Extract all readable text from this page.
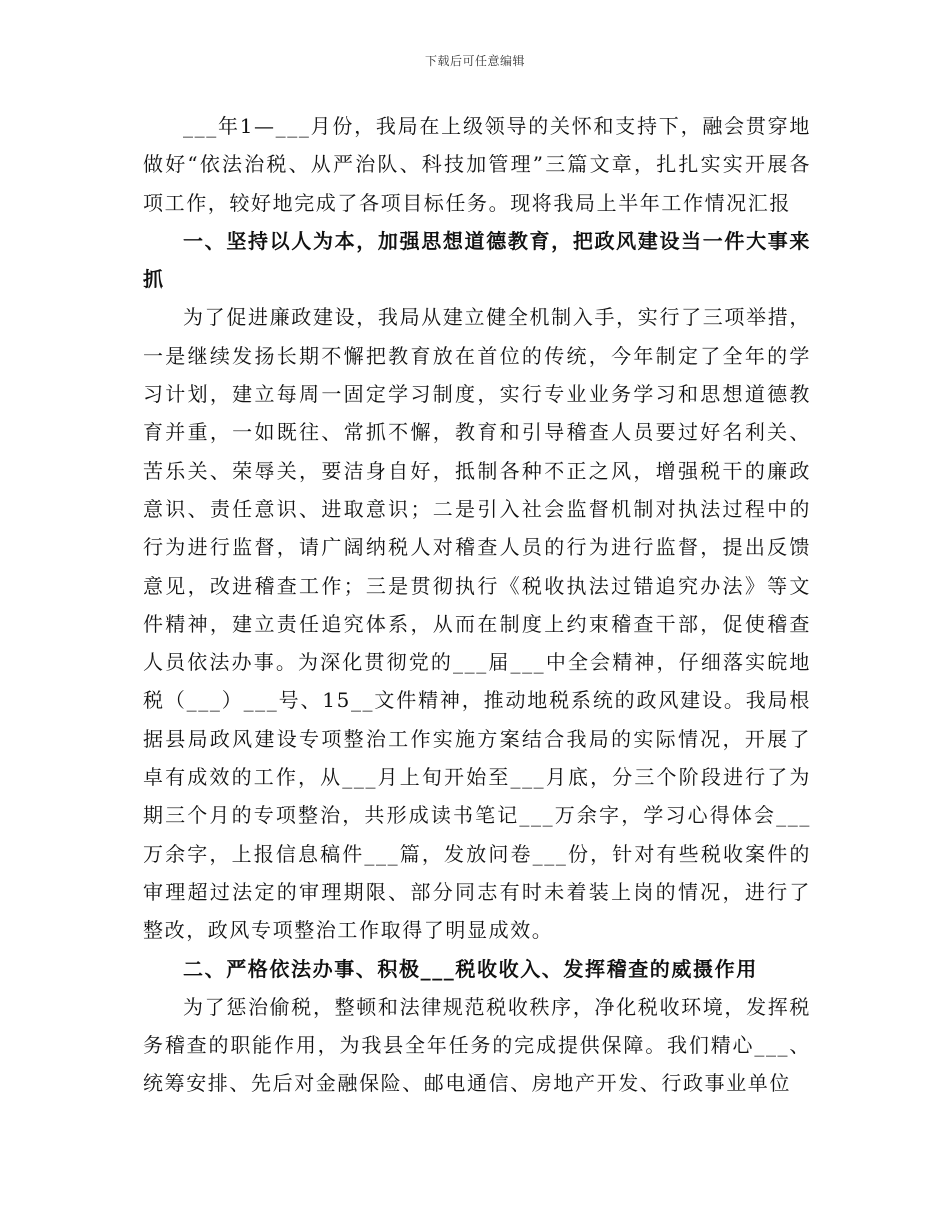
下载后可任意编辑

___年1—___月份，我局在上级领导的关怀和支持下，融会贯穿地做好“依法治税、从严治队、科技加管理”三篇文章，扎扎实实开展各项工作，较好地完成了各项目标任务。现将我局上半年工作情况汇报

一、坚持以人为本，加强思想道德教育，把政风建设当一件大事来抓

为了促进廉政建设，我局从建立健全机制入手，实行了三项举措，一是继续发扬长期不懈把教育放在首位的传统，今年制定了全年的学习计划，建立每周一固定学习制度，实行专业业务学习和思想道德教育并重，一如既往、常抓不懈，教育和引导稽查人员要过好名利关、苦乐关、荣辱关，要洁身自好，抵制各种不正之风，增强税干的廉政意识、责任意识、进取意识；二是引入社会监督机制对执法过程中的行为进行监督，请广阔纳税人对稽查人员的行为进行监督，提出反馈意见，改进稽查工作；三是贯彻执行《税收执法过错追究办法》等文件精神，建立责任追究体系，从而在制度上约束稽查干部，促使稽查人员依法办事。为深化贯彻党的___届___中全会精神，仔细落实皖地税（___）___号、15__文件精神，推动地税系统的政风建设。我局根据县局政风建设专项整治工作实施方案结合我局的实际情况，开展了卓有成效的工作，从___月上旬开始至___月底，分三个阶段进行了为期三个月的专项整治，共形成读书笔记___万余字，学习心得体会___万余字，上报信息稿件___篇，发放问卷___份，针对有些税收案件的审理超过法定的审理期限、部分同志有时未着装上岗的情况，进行了整改，政风专项整治工作取得了明显成效。

二、严格依法办事、积极___税收收入、发挥稽查的威摄作用

为了惩治偷税，整顿和法律规范税收秩序，净化税收环境，发挥税务稽查的职能作用，为我县全年任务的完成提供保障。我们精心___、统筹安排、先后对金融保险、邮电通信、房地产开发、行政事业单位
